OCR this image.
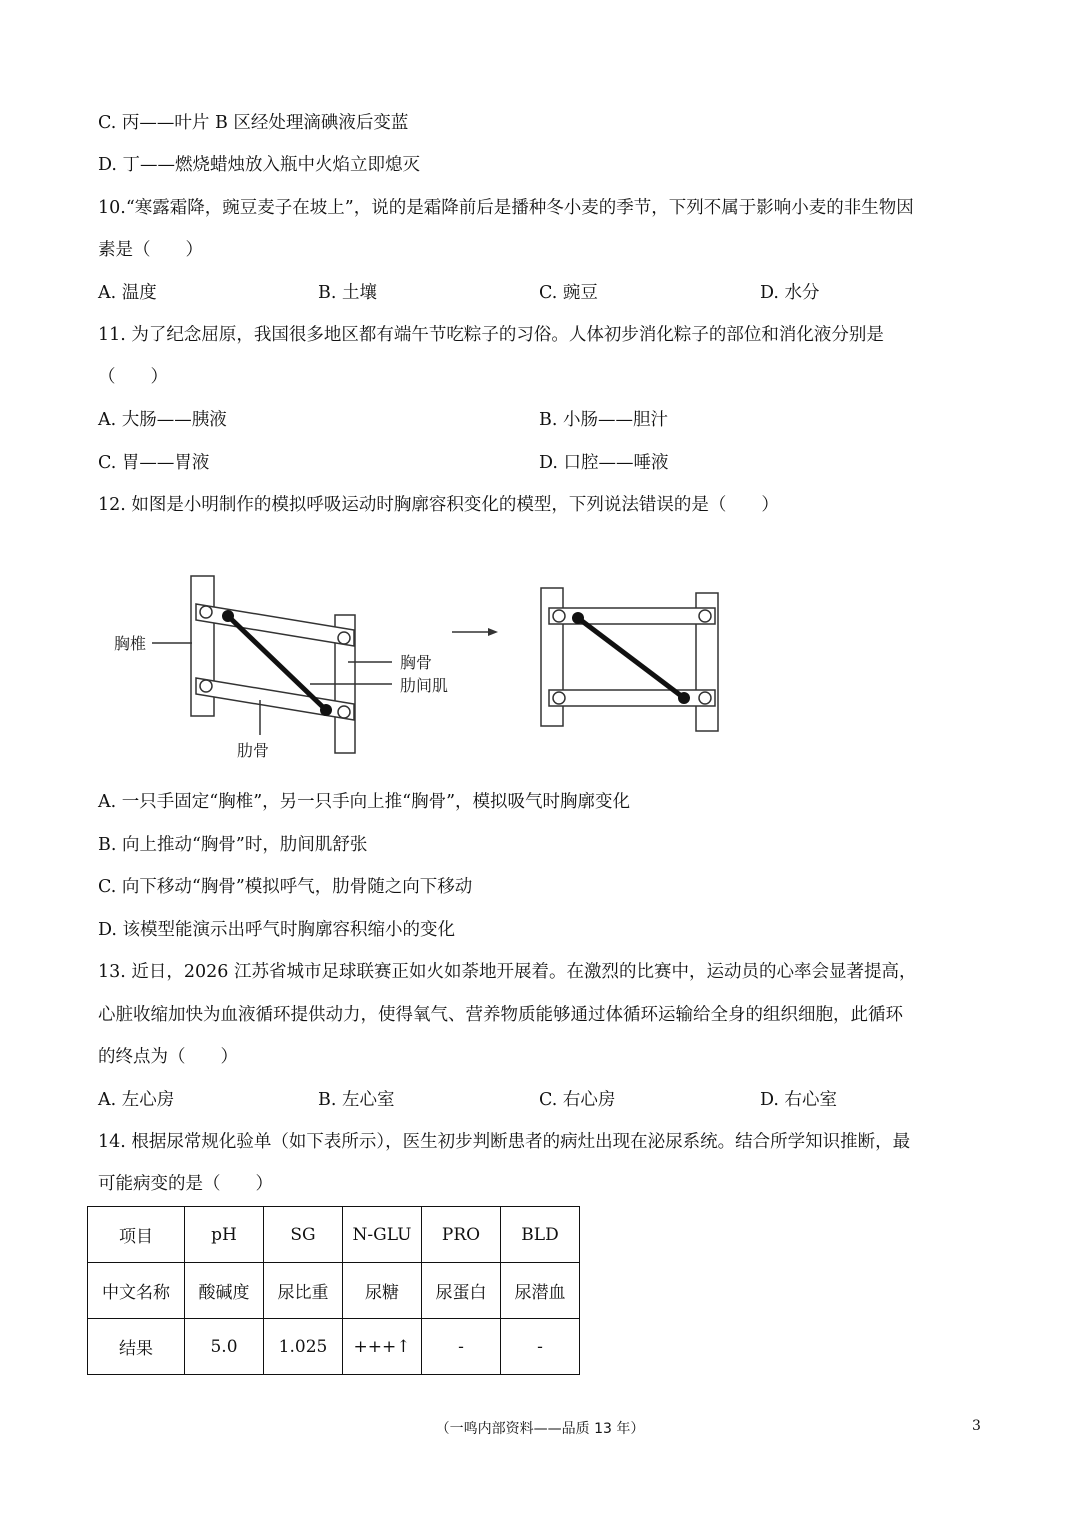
C. 丙——叶片 B 区经处理滴碘液后变蓝
D. 丁——燃烧蜡烛放入瓶中火焰立即熄灭
10.“寒露霜降，豌豆麦子在坡上”，说的是霜降前后是播种冬小麦的季节，下列不属于影响小麦的非生物因
素是（　　）
A. 温度	B. 土壤	C. 豌豆	D. 水分
11. 为了纪念屈原，我国很多地区都有端午节吃粽子的习俗。人体初步消化粽子的部位和消化液分别是
（　　）
A. 大肠——胰液	B. 小肠——胆汁
C. 胃——胃液	D. 口腔——唾液
12. 如图是小明制作的模拟呼吸运动时胸廓容积变化的模型，下列说法错误的是（　　）
胸椎
胸骨
肋间肌
肋骨
A. 一只手固定“胸椎”，另一只手向上推“胸骨”，模拟吸气时胸廓变化
B. 向上推动“胸骨”时，肋间肌舒张
C. 向下移动“胸骨”模拟呼气，肋骨随之向下移动
D. 该模型能演示出呼气时胸廓容积缩小的变化
13. 近日，2026 江苏省城市足球联赛正如火如荼地开展着。在激烈的比赛中，运动员的心率会显著提高，
心脏收缩加快为血液循环提供动力，使得氧气、营养物质能够通过体循环运输给全身的组织细胞，此循环
的终点为（　　）
A. 左心房	B. 左心室	C. 右心房	D. 右心室
14. 根据尿常规化验单（如下表所示），医生初步判断患者的病灶出现在泌尿系统。结合所学知识推断，最
可能病变的是（　　）
项目	pH	SG	N-GLU	PRO	BLD
中文名称	酸碱度	尿比重	尿糖	尿蛋白	尿潜血
结果	5.0	1.025	+++↑	-	-
（一鸣内部资料——品质 13 年）	3
